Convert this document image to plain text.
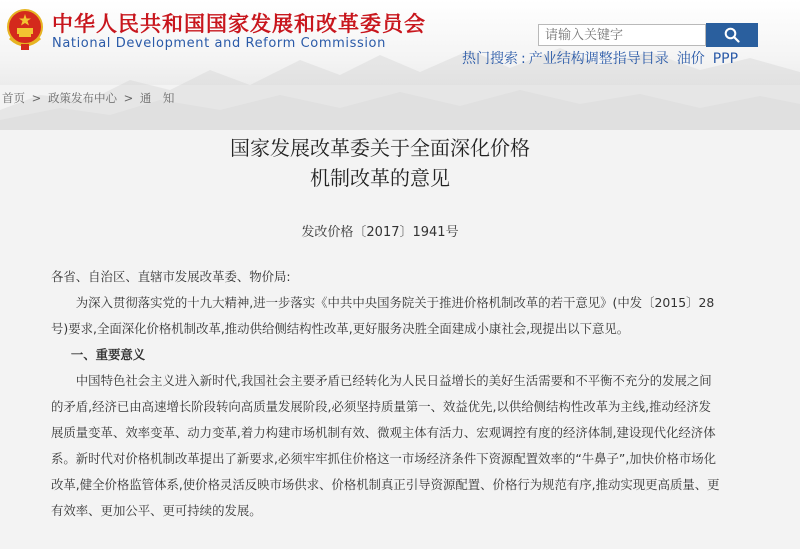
中华人民共和国国家发展和改革委员会
National Development and Reform Commission
请输入关键字
热门搜索 : 产业结构调整指导目录 油价 PPP
首页 > 政策发布中心 > 通　知
国家发展改革委关于全面深化价格
机制改革的意见
发改价格〔2017〕1941号

各省、自治区、直辖市发展改革委、物价局:

为深入贯彻落实党的十九大精神,进一步落实《中共中央国务院关于推进价格机制改革的若干意见》(中发〔2015〕28号)要求,全面深化价格机制改革,推动供给侧结构性改革,更好服务决胜全面建成小康社会,现提出以下意见。

一、重要意义

中国特色社会主义进入新时代,我国社会主要矛盾已经转化为人民日益增长的美好生活需要和不平衡不充分的发展之间的矛盾,经济已由高速增长阶段转向高质量发展阶段,必须坚持质量第一、效益优先,以供给侧结构性改革为主线,推动经济发展质量变革、效率变革、动力变革,着力构建市场机制有效、微观主体有活力、宏观调控有度的经济体制,建设现代化经济体系。新时代对价格机制改革提出了新要求,必须牢牢抓住价格这一市场经济条件下资源配置效率的“牛鼻子”,加快价格市场化改革,健全价格监管体系,使价格灵活反映市场供求、价格机制真正引导资源配置、价格行为规范有序,推动实现更高质量、更有效率、更加公平、更可持续的发展。
